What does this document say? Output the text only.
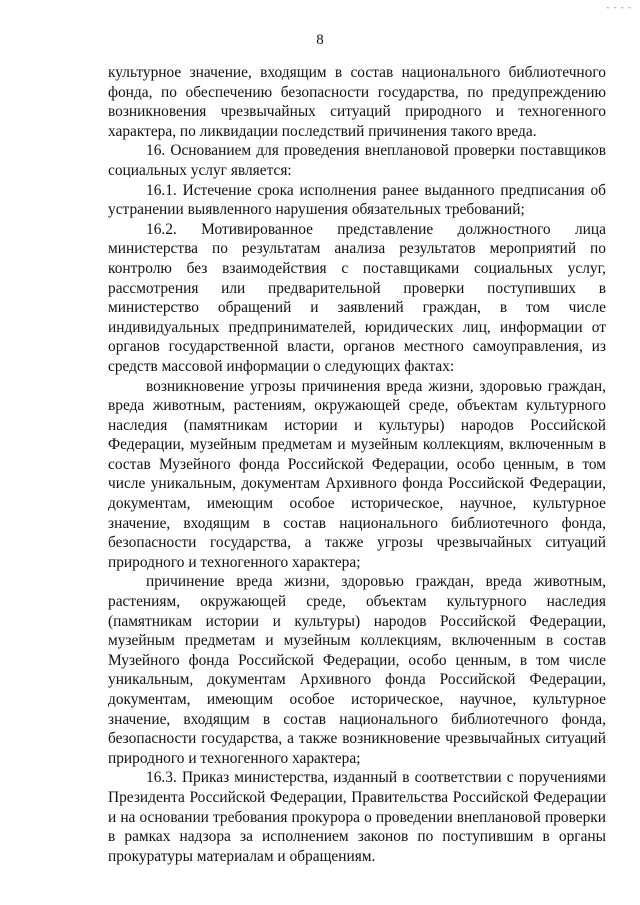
- - - -
8

культурное значение, входящим в состав национального библиотечного фонда, по обеспечению безопасности государства, по предупреждению возникновения чрезвычайных ситуаций природного и техногенного характера, по ликвидации последствий причинения такого вреда.

16. Основанием для проведения внеплановой проверки поставщиков социальных услуг является:

16.1. Истечение срока исполнения ранее выданного предписания об устранении выявленного нарушения обязательных требований;

16.2. Мотивированное представление должностного лица министерства по результатам анализа результатов мероприятий по контролю без взаимодействия с поставщиками социальных услуг, рассмотрения или предварительной проверки поступивших в министерство обращений и заявлений граждан, в том числе индивидуальных предпринимателей, юридических лиц, информации от органов государственной власти, органов местного самоуправления, из средств массовой информации о следующих фактах:

возникновение угрозы причинения вреда жизни, здоровью граждан, вреда животным, растениям, окружающей среде, объектам культурного наследия (памятникам истории и культуры) народов Российской Федерации, музейным предметам и музейным коллекциям, включенным в состав Музейного фонда Российской Федерации, особо ценным, в том числе уникальным, документам Архивного фонда Российской Федерации, документам, имеющим особое историческое, научное, культурное значение, входящим в состав национального библиотечного фонда, безопасности государства, а также угрозы чрезвычайных ситуаций природного и техногенного характера;

причинение вреда жизни, здоровью граждан, вреда животным, растениям, окружающей среде, объектам культурного наследия (памятникам истории и культуры) народов Российской Федерации, музейным предметам и музейным коллекциям, включенным в состав Музейного фонда Российской Федерации, особо ценным, в том числе уникальным, документам Архивного фонда Российской Федерации, документам, имеющим особое историческое, научное, культурное значение, входящим в состав национального библиотечного фонда, безопасности государства, а также возникновение чрезвычайных ситуаций природного и техногенного характера;

16.3. Приказ министерства, изданный в соответствии с поручениями Президента Российской Федерации, Правительства Российской Федерации и на основании требования прокурора о проведении внеплановой проверки в рамках надзора за исполнением законов по поступившим в органы прокуратуры материалам и обращениям.
